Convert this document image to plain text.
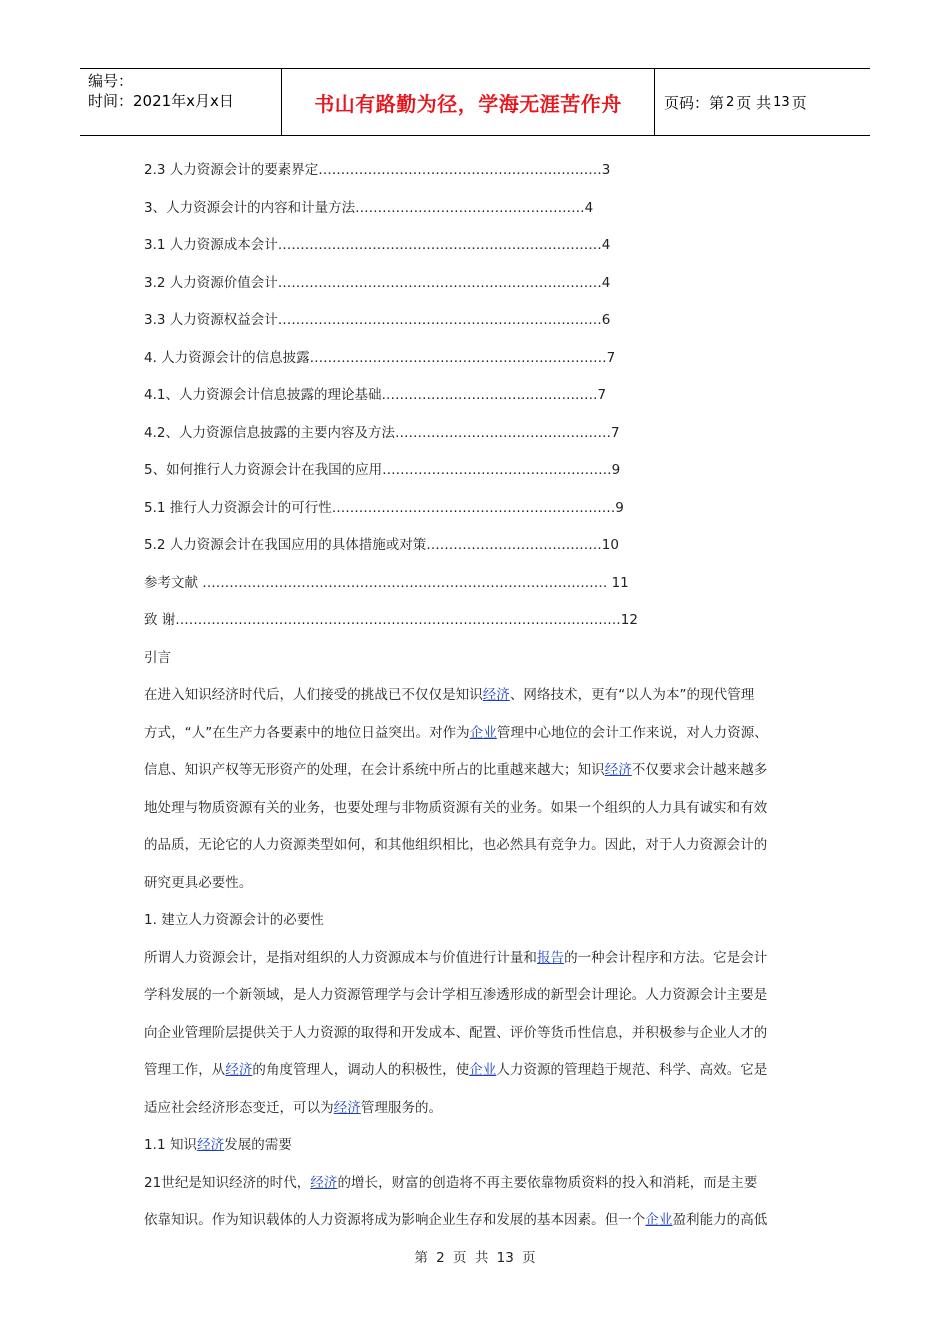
编号：
时间：2021年x月x日	书山有路勤为径，学海无涯苦作舟	页码：第 2 页 共 13 页
2.3 人力资源会计的要素界定………………………………………………………3
3、人力资源会计的内容和计量方法……………………………………………4
3.1 人力资源成本会计………………………………………………………………4
3.2 人力资源价值会计………………………………………………………………4
3.3 人力资源权益会计………………………………………………………………6
4. 人力资源会计的信息披露…………………………………………………………7
4.1、人力资源会计信息披露的理论基础…………………………………………7
4.2、人力资源信息披露的主要内容及方法…………………………………………7
5、如何推行人力资源会计在我国的应用……………………………………………9
5.1 推行人力资源会计的可行性………………………………………………………9
5.2 人力资源会计在我国应用的具体措施或对策…………………………………10
参考文献 ……………………………………………………………………………… 11
致 谢………………………………………………………………………………………12
引言
在进入知识经济时代后，人们接受的挑战已不仅仅是知识经济、网络技术，更有“以人为本”的现代管理
方式，“人”在生产力各要素中的地位日益突出。对作为企业管理中心地位的会计工作来说，对人力资源、
信息、知识产权等无形资产的处理，在会计系统中所占的比重越来越大；知识经济不仅要求会计越来越多
地处理与物质资源有关的业务，也要处理与非物质资源有关的业务。如果一个组织的人力具有诚实和有效
的品质，无论它的人力资源类型如何，和其他组织相比，也必然具有竞争力。因此，对于人力资源会计的
研究更具必要性。
1. 建立人力资源会计的必要性
所谓人力资源会计，是指对组织的人力资源成本与价值进行计量和报告的一种会计程序和方法。它是会计
学科发展的一个新领域，是人力资源管理学与会计学相互渗透形成的新型会计理论。人力资源会计主要是
向企业管理阶层提供关于人力资源的取得和开发成本、配置、评价等货币性信息，并积极参与企业人才的
管理工作，从经济的角度管理人，调动人的积极性，使企业人力资源的管理趋于规范、科学、高效。它是
适应社会经济形态变迁，可以为经济管理服务的。
1.1 知识经济发展的需要
21世纪是知识经济的时代，经济的增长，财富的创造将不再主要依靠物质资料的投入和消耗，而是主要
依靠知识。作为知识载体的人力资源将成为影响企业生存和发展的基本因素。但一个企业盈利能力的高低
第 2 页 共 13 页
